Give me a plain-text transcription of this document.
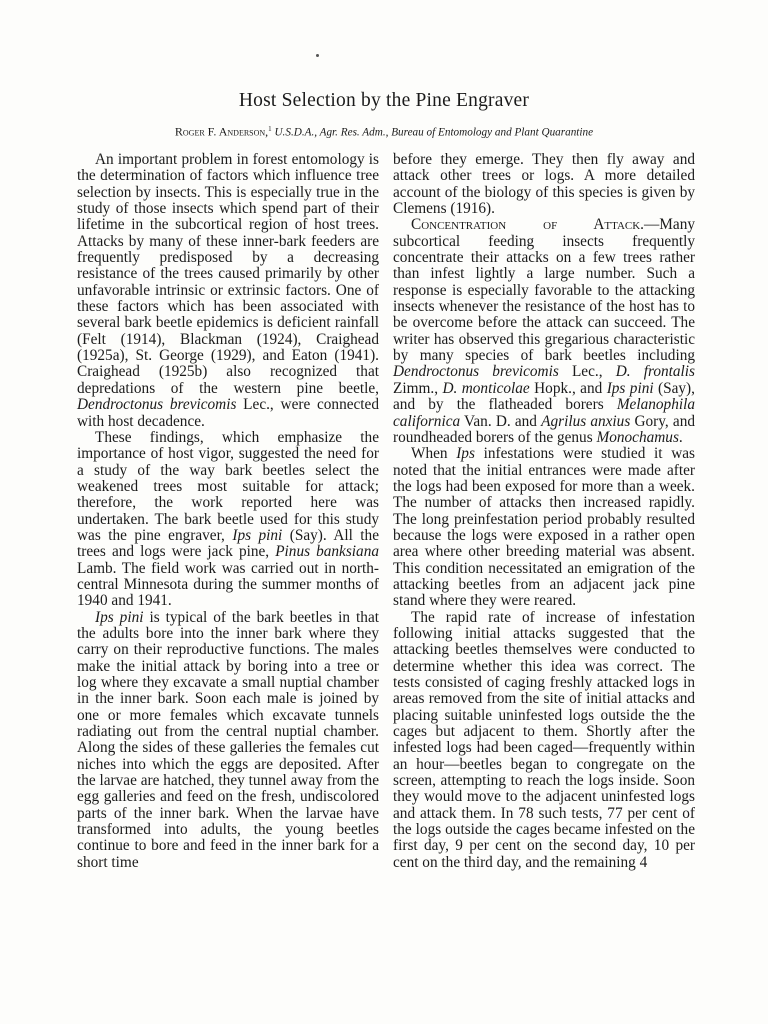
Host Selection by the Pine Engraver
Roger F. Anderson,$^1$ U.S.D.A., Agr. Res. Adm., Bureau of Entomology and Plant Quarantine

An important problem in forest entomology is the determination of factors which influence tree selection by insects. This is especially true in the study of those insects which spend part of their lifetime in the subcortical region of host trees. Attacks by many of these inner-bark feeders are frequently predisposed by a decreasing resistance of the trees caused primarily by other unfavorable intrinsic or extrinsic factors. One of these factors which has been associated with several bark beetle epidemics is deficient rainfall (Felt (1914), Blackman (1924), Craighead (1925a), St. George (1929), and Eaton (1941). Craighead (1925b) also recognized that depredations of the western pine beetle, Dendroctonus brevicomis Lec., were connected with host decadence.

These findings, which emphasize the importance of host vigor, suggested the need for a study of the way bark beetles select the weakened trees most suitable for attack; therefore, the work reported here was undertaken. The bark beetle used for this study was the pine engraver, Ips pini (Say). All the trees and logs were jack pine, Pinus banksiana Lamb. The field work was carried out in north-central Minnesota during the summer months of 1940 and 1941.

Ips pini is typical of the bark beetles in that the adults bore into the inner bark where they carry on their reproductive functions. The males make the initial attack by boring into a tree or log where they excavate a small nuptial chamber in the inner bark. Soon each male is joined by one or more females which excavate tunnels radiating out from the central nuptial chamber. Along the sides of these galleries the females cut niches into which the eggs are deposited. After the larvae are hatched, they tunnel away from the egg galleries and feed on the fresh, undiscolored parts of the inner bark. When the larvae have transformed into adults, the young beetles continue to bore and feed in the inner bark for a short time

before they emerge. They then fly away and attack other trees or logs. A more detailed account of the biology of this species is given by Clemens (1916).

Concentration of Attack.—Many subcortical feeding insects frequently concentrate their attacks on a few trees rather than infest lightly a large number. Such a response is especially favorable to the attacking insects whenever the resistance of the host has to be overcome before the attack can succeed. The writer has observed this gregarious characteristic by many species of bark beetles including Dendroctonus brevicomis Lec., D. frontalis Zimm., D. monticolae Hopk., and Ips pini (Say), and by the flatheaded borers Melanophila californica Van. D. and Agrilus anxius Gory, and roundheaded borers of the genus Monochamus.

When Ips infestations were studied it was noted that the initial entrances were made after the logs had been exposed for more than a week. The number of attacks then increased rapidly. The long preinfestation period probably resulted because the logs were exposed in a rather open area where other breeding material was absent. This condition necessitated an emigration of the attacking beetles from an adjacent jack pine stand where they were reared.

The rapid rate of increase of infestation following initial attacks suggested that the attacking beetles themselves were conducted to determine whether this idea was correct. The tests consisted of caging freshly attacked logs in areas removed from the site of initial attacks and placing suitable uninfested logs outside the the cages but adjacent to them. Shortly after the infested logs had been caged—frequently within an hour—beetles began to congregate on the screen, attempting to reach the logs inside. Soon they would move to the adjacent uninfested logs and attack them. In 78 such tests, 77 per cent of the logs outside the cages became infested on the first day, 9 per cent on the second day, 10 per cent on the third day, and the remaining 4
